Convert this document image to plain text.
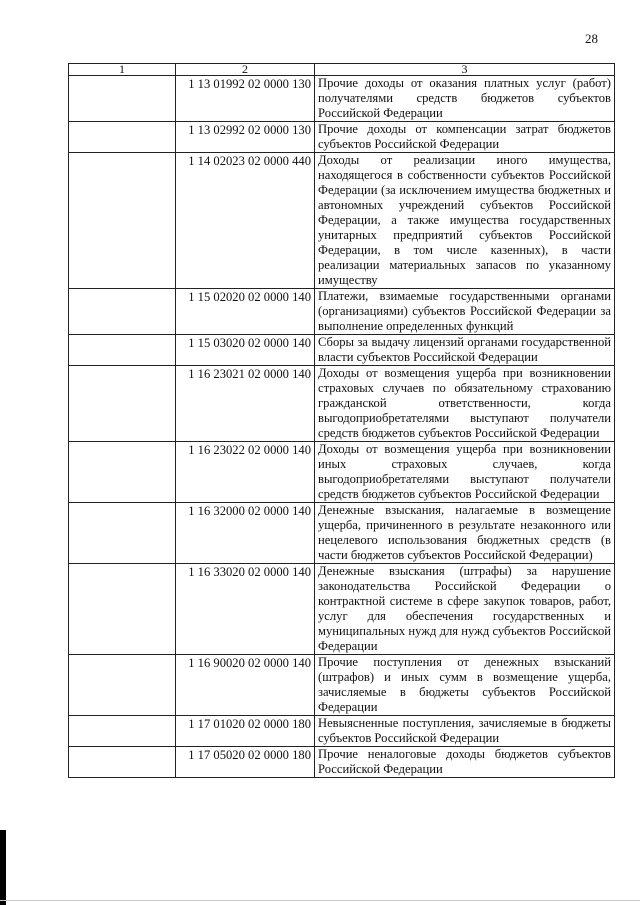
28
1	2	3
	1 13 01992 02 0000 130	Прочие доходы от оказания платных услуг (работ) получателями средств бюджетов субъектов Российской Федерации
	1 13 02992 02 0000 130	Прочие доходы от компенсации затрат бюджетов субъектов Российской Федерации
	1 14 02023 02 0000 440	Доходы от реализации иного имущества, находящегося в собственности субъектов Российской Федерации (за исключением имущества бюджетных и автономных учреждений субъектов Российской Федерации, а также имущества государственных унитарных предприятий субъектов Российской Федерации, в том числе казенных), в части реализации материальных запасов по указанному имуществу
	1 15 02020 02 0000 140	Платежи, взимаемые государственными органами (организациями) субъектов Российской Федерации за выполнение определенных функций
	1 15 03020 02 0000 140	Сборы за выдачу лицензий органами государственной власти субъектов Российской Федерации
	1 16 23021 02 0000 140	Доходы от возмещения ущерба при возникновении страховых случаев по обязательному страхованию гражданской ответственности, когда выгодоприобретателями выступают получатели средств бюджетов субъектов Российской Федерации
	1 16 23022 02 0000 140	Доходы от возмещения ущерба при возникновении иных страховых случаев, когда выгодоприобретателями выступают получатели средств бюджетов субъектов Российской Федерации
	1 16 32000 02 0000 140	Денежные взыскания, налагаемые в возмещение ущерба, причиненного в результате незаконного или нецелевого использования бюджетных средств (в части бюджетов субъектов Российской Федерации)
	1 16 33020 02 0000 140	Денежные взыскания (штрафы) за нарушение законодательства Российской Федерации о контрактной системе в сфере закупок товаров, работ, услуг для обеспечения государственных и муниципальных нужд для нужд субъектов Российской Федерации
	1 16 90020 02 0000 140	Прочие поступления от денежных взысканий (штрафов) и иных сумм в возмещение ущерба, зачисляемые в бюджеты субъектов Российской Федерации
	1 17 01020 02 0000 180	Невыясненные поступления, зачисляемые в бюджеты субъектов Российской Федерации
	1 17 05020 02 0000 180	Прочие неналоговые доходы бюджетов субъектов Российской Федерации
